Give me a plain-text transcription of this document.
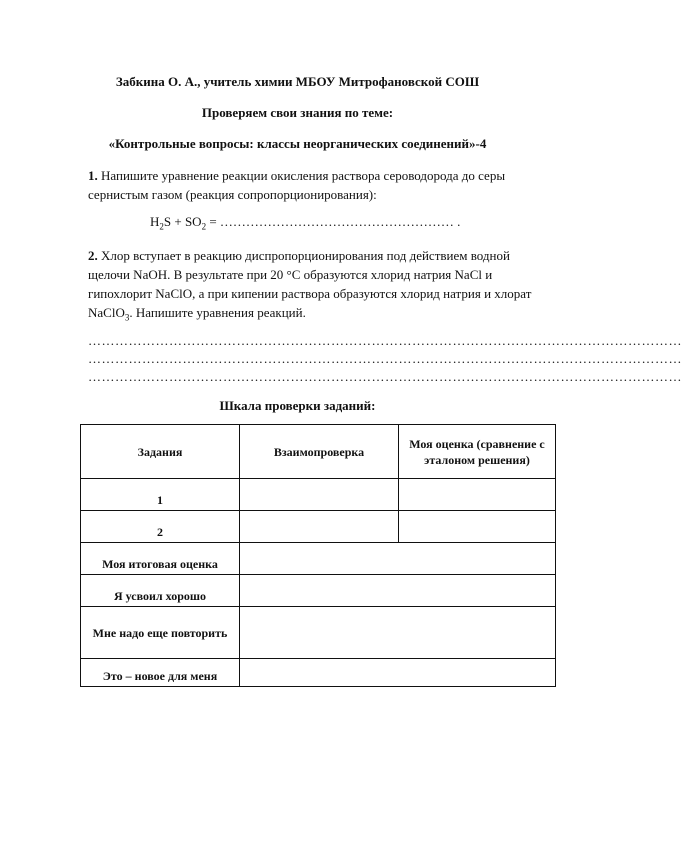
Забкина О. А., учитель химии МБОУ Митрофановской СОШ
Проверяем свои знания по теме:
«Контрольные вопросы: классы неорганических соединений»-4
1. Напишите уравнение реакции окисления раствора сероводорода до серы сернистым газом (реакция сопропорционирования):
$H_2S + SO_2$ = ……………………………………………… .
2. Хлор вступает в реакцию диспропорционирования под действием водной щелочи NaOH. В результате при 20 °С образуются хлорид натрия NaCl и гипохлорит NaClO, а при кипении раствора образуются хлорид натрия и хлорат NaClO$_3$. Напишите уравнения реакций.
……………………………………………………………………………………………………………………
……………………………………………………………………………………………………………………
……………………………………………………………………………………………………………………
Шкала проверки заданий:
Задания	Взаимопроверка	Моя оценка (сравнение с эталоном решения)
1		
2		
Моя итоговая оценка		
Я усвоил хорошо		
Мне надо еще повторить		
Это – новое для меня		
